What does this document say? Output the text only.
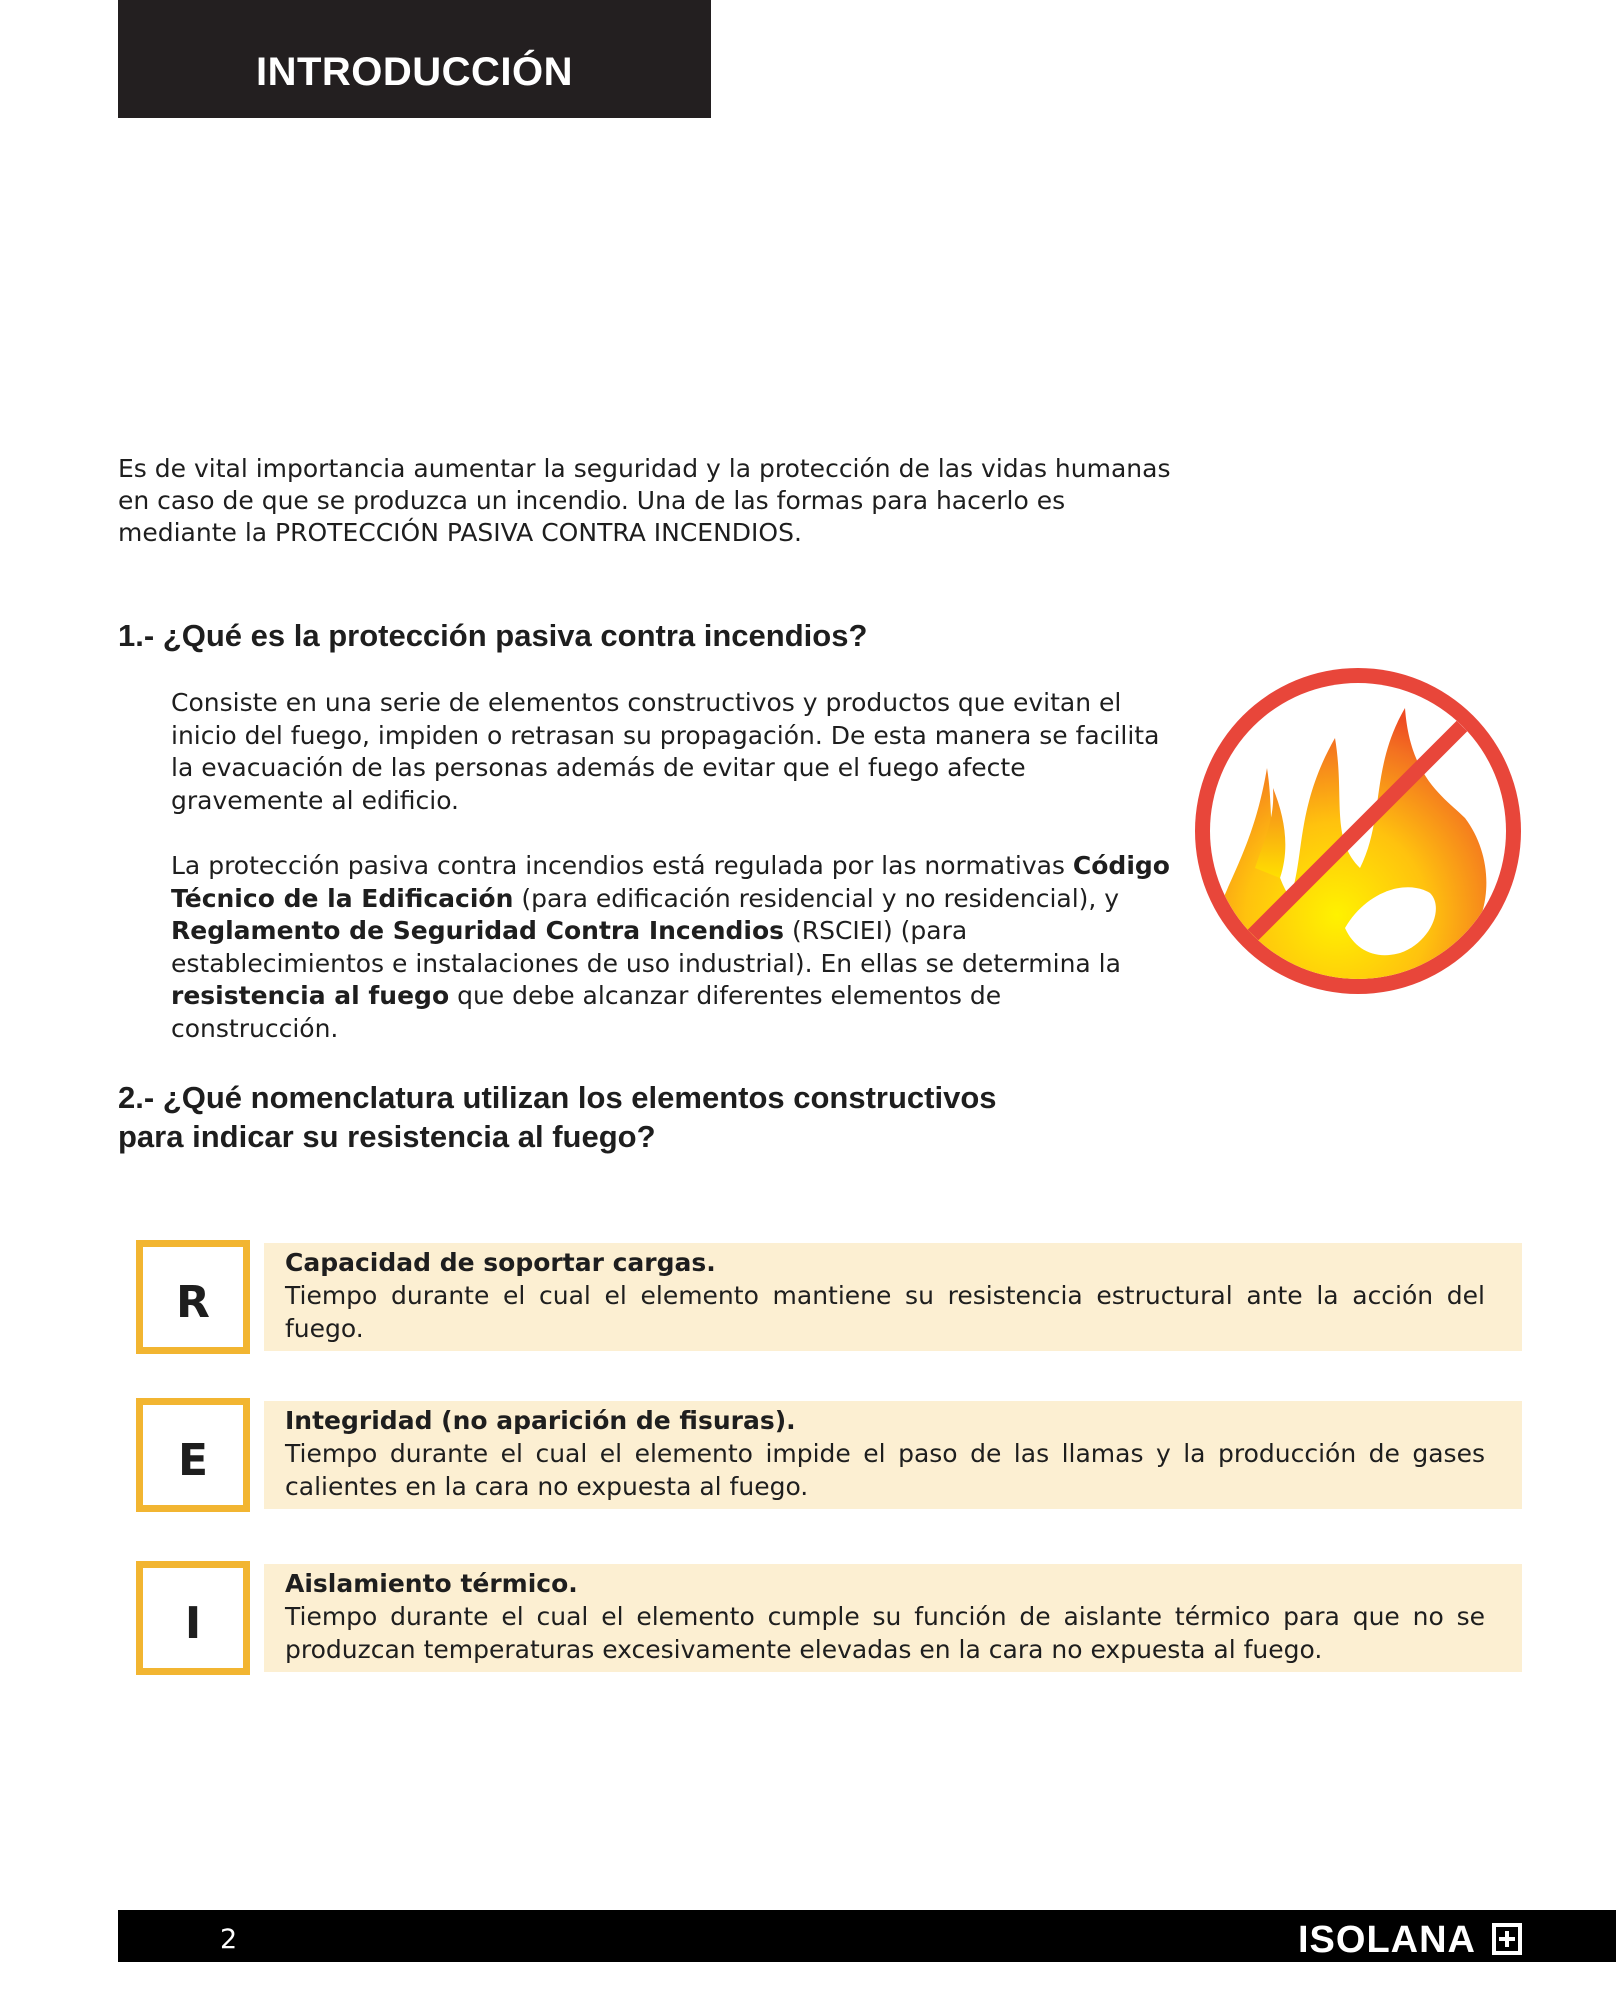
INTRODUCCIÓN

Es de vital importancia aumentar la seguridad y la protección de las vidas humanas en caso de que se produzca un incendio. Una de las formas para hacerlo es mediante la PROTECCIÓN PASIVA CONTRA INCENDIOS.

1.- ¿Qué es la protección pasiva contra incendios?

Consiste en una serie de elementos constructivos y productos que evitan el inicio del fuego, impiden o retrasan su propagación. De esta manera se facilita la evacuación de las personas además de evitar que el fuego afecte gravemente al edificio.

La protección pasiva contra incendios está regulada por las normativas Código Técnico de la Edificación (para edificación residencial y no residencial), y Reglamento de Seguridad Contra Incendios (RSCIEI) (para establecimientos e instalaciones de uso industrial). En ellas se determina la resistencia al fuego que debe alcanzar diferentes elementos de construcción.

2.- ¿Qué nomenclatura utilizan los elementos constructivos
para indicar su resistencia al fuego?
R

Capacidad de soportar cargas.

Tiempo durante el cual el elemento mantiene su resistencia estructural ante la acción del fuego.

E

Integridad (no aparición de fisuras).

Tiempo durante el cual el elemento impide el paso de las llamas y la producción de gases calientes en la cara no expuesta al fuego.

I

Aislamiento térmico.

Tiempo durante el cual el elemento cumple su función de aislante térmico para que no se produzcan temperaturas excesivamente elevadas en la cara no expuesta al fuego.

2	ISOLANA
